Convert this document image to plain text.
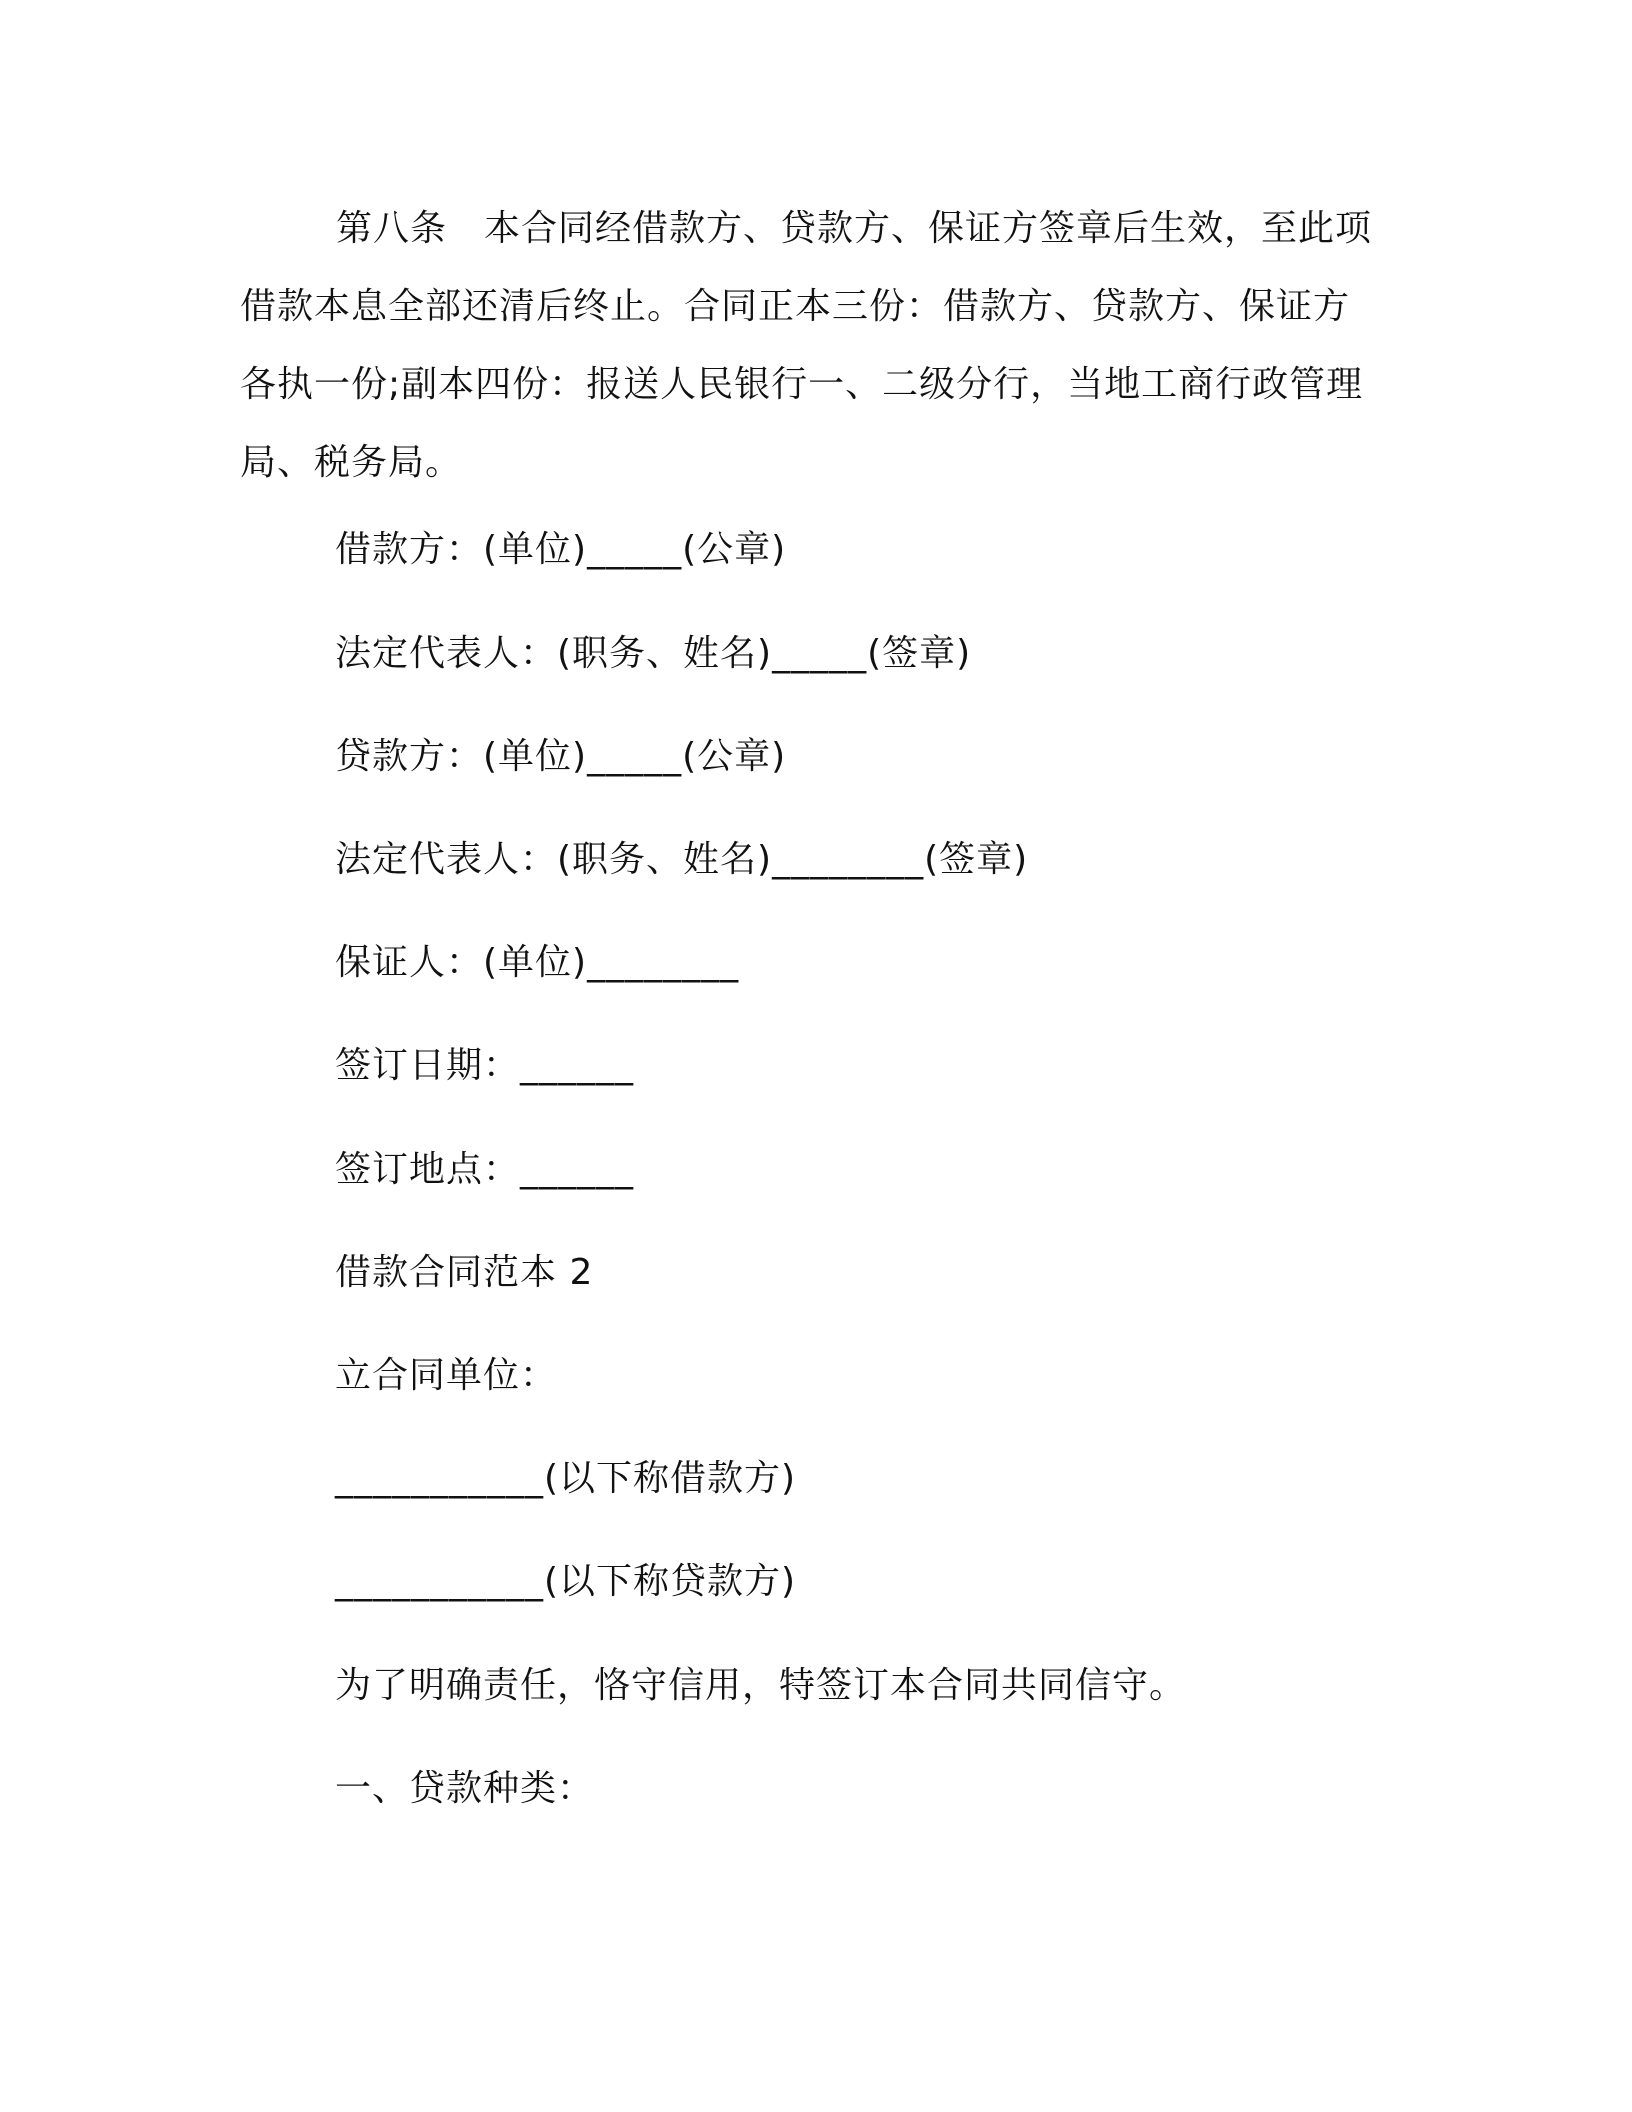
第八条　本合同经借款方、贷款方、保证方签章后生效，至此项借款本息全部还清后终止。合同正本三份：借款方、贷款方、保证方各执一份;副本四份：报送人民银行一、二级分行，当地工商行政管理局、税务局。

借款方：(单位)_____(公章)

法定代表人：(职务、姓名)_____(签章)

贷款方：(单位)_____(公章)

法定代表人：(职务、姓名)________(签章)

保证人：(单位)________

签订日期：______

签订地点：______

借款合同范本 2

立合同单位：

___________(以下称借款方)

___________(以下称贷款方)

为了明确责任，恪守信用，特签订本合同共同信守。

一、贷款种类：
